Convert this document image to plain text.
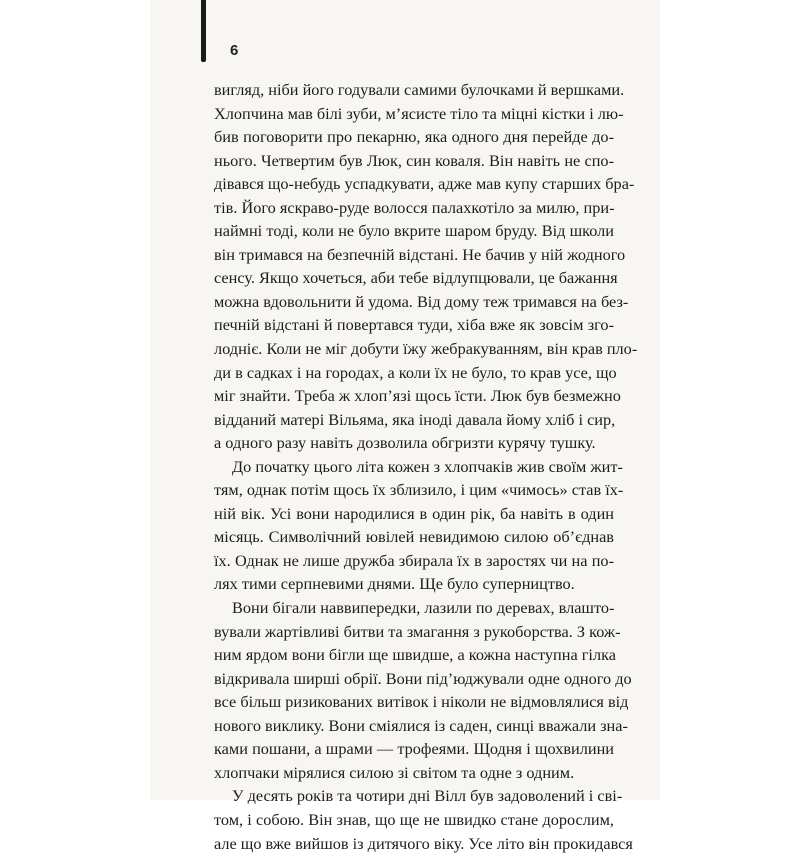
6
вигляд, ніби його годували самими булочками й вершками.
Хлопчина мав білі зуби, м’ясисте тіло та міцні кістки і лю-
бив поговорити про пекарню, яка одного дня перейде до-
нього. Четвертим був Люк, син коваля. Він навіть не спо-
дівався що-небудь успадкувати, адже мав купу старших бра-
тів. Його яскраво-руде волосся палахкотіло за милю, при-
наймні тоді, коли не було вкрите шаром бруду. Від школи
він тримався на безпечній відстані. Не бачив у ній жодного
сенсу. Якщо хочеться, аби тебе відлупцювали, це бажання
можна вдовольнити й удома. Від дому теж тримався на без-
печній відстані й повертався туди, хіба вже як зовсім зго-
лодніє. Коли не міг добути їжу жебракуванням, він крав пло-
ди в садках і на городах, а коли їх не було, то крав усе, що
міг знайти. Треба ж хлоп’язі щось їсти. Люк був безмежно
відданий матері Вільяма, яка іноді давала йому хліб і сир,
а одного разу навіть дозволила обгризти курячу тушку.
До початку цього літа кожен з хлопчаків жив своїм жит-
тям, однак потім щось їх зблизило, і цим «чимось» став їх-
ній вік. Усі вони народилися в один рік, ба навіть в один
місяць. Символічний ювілей невидимою силою об’єднав
їх. Однак не лише дружба збирала їх в заростях чи на по-
лях тими серпневими днями. Ще було суперництво.
Вони бігали наввипередки, лазили по деревах, влашто-
вували жартівливі битви та змагання з рукоборства. З кож-
ним ярдом вони бігли ще швидше, а кожна наступна гілка
відкривала ширші обрії. Вони підʼюджували одне одного до
все більш ризикованих витівок і ніколи не відмовлялися від
нового виклику. Вони сміялися із саден, синці вважали зна-
ками пошани, а шрами — трофеями. Щодня і щохвилини
хлопчаки мірялися силою зі світом та одне з одним.
У десять років та чотири дні Вілл був задоволений і сві-
том, і собою. Він знав, що ще не швидко стане дорослим,
але що вже вийшов із дитячого віку. Усе літо він прокидався
